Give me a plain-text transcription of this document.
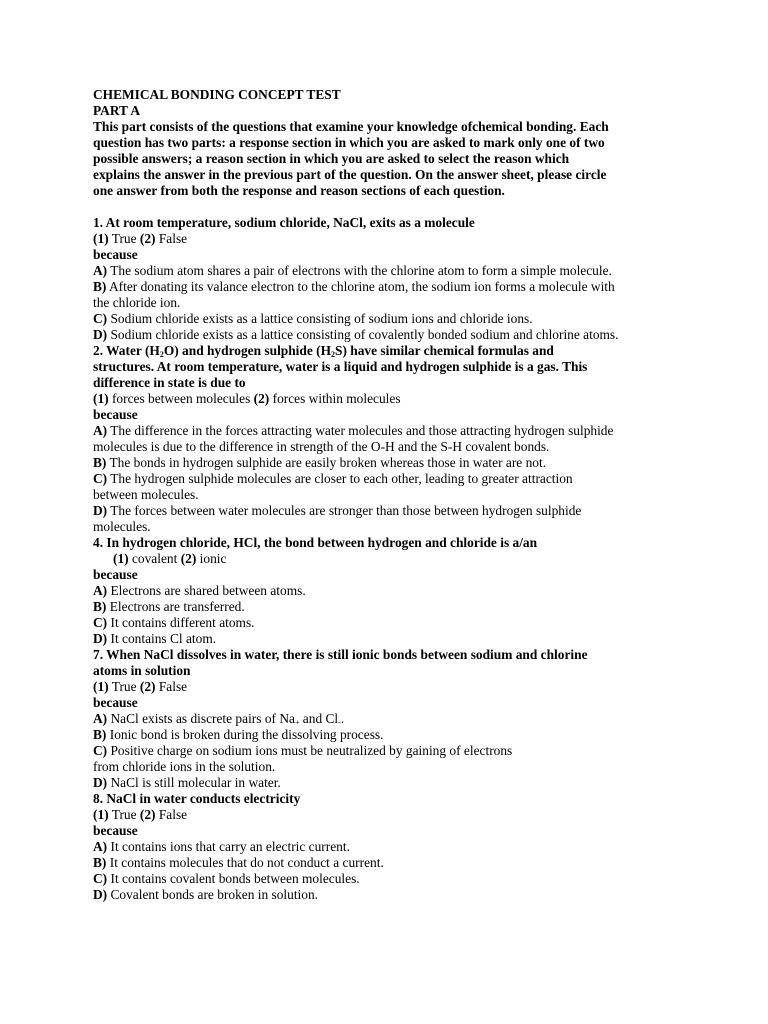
CHEMICAL BONDING CONCEPT TEST
PART A
This part consists of the questions that examine your knowledge ofchemical bonding. Each
question has two parts: a response section in which you are asked to mark only one of two
possible answers; a reason section in which you are asked to select the reason which
explains the answer in the previous part of the question. On the answer sheet, please circle
one answer from both the response and reason sections of each question.
1. At room temperature, sodium chloride, NaCl, exits as a molecule
(1) True (2) False
because
A) The sodium atom shares a pair of electrons with the chlorine atom to form a simple molecule.
B) After donating its valance electron to the chlorine atom, the sodium ion forms a molecule with
the chloride ion.
C) Sodium chloride exists as a lattice consisting of sodium ions and chloride ions.
D) Sodium chloride exists as a lattice consisting of covalently bonded sodium and chlorine atoms.
2. Water $(H_2O)$ and hydrogen sulphide $(H_2S)$ have similar chemical formulas and
structures. At room temperature, water is a liquid and hydrogen sulphide is a gas. This
difference in state is due to
(1) forces between molecules (2) forces within molecules
because
A) The difference in the forces attracting water molecules and those attracting hydrogen sulphide
molecules is due to the difference in strength of the O-H and the S-H covalent bonds.
B) The bonds in hydrogen sulphide are easily broken whereas those in water are not.
C) The hydrogen sulphide molecules are closer to each other, leading to greater attraction
between molecules.
D) The forces between water molecules are stronger than those between hydrogen sulphide
molecules.
4. In hydrogen chloride, HCl, the bond between hydrogen and chloride is a/an
(1) covalent (2) ionic
because
A) Electrons are shared between atoms.
B) Electrons are transferred.
C) It contains different atoms.
D) It contains Cl atom.
7. When NaCl dissolves in water, there is still ionic bonds between sodium and chlorine
atoms in solution
(1) True (2) False
because
A) NaCl exists as discrete pairs of $Na_+$ and $Cl_-$.
B) Ionic bond is broken during the dissolving process.
C) Positive charge on sodium ions must be neutralized by gaining of electrons
from chloride ions in the solution.
D) NaCl is still molecular in water.
8. NaCl in water conducts electricity
(1) True (2) False
because
A) It contains ions that carry an electric current.
B) It contains molecules that do not conduct a current.
C) It contains covalent bonds between molecules.
D) Covalent bonds are broken in solution.
